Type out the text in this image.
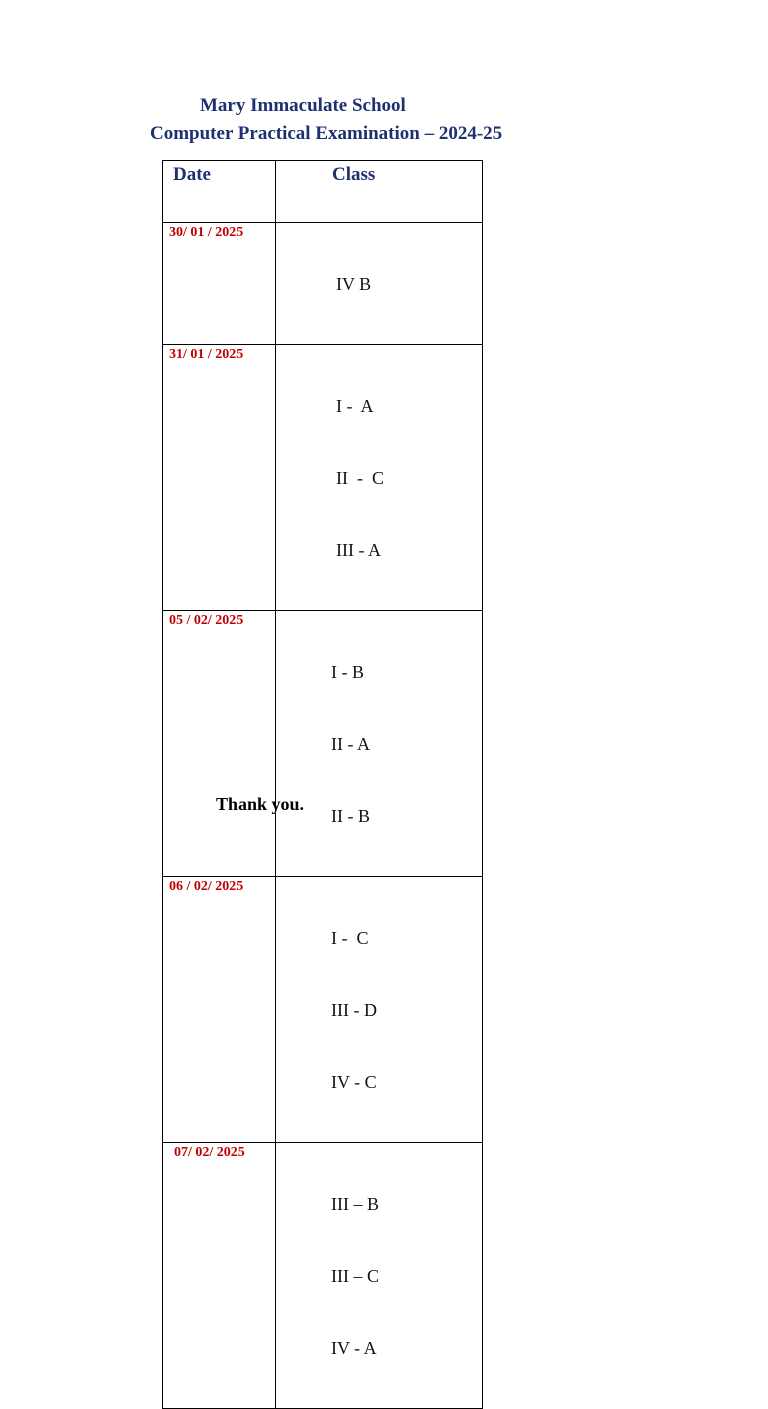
Mary Immaculate School
Computer Practical Examination – 2024-25
Date	Class

30/ 01 / 2025	IV B

31/ 01 / 2025	I -  A

II  -  C

III - A

05 / 02/ 2025	I - B

II - A

II - B

06 / 02/ 2025	I -  C

III - D

IV - C

07/ 02/ 2025	III – B

III – C

IV - A

Thank you.
